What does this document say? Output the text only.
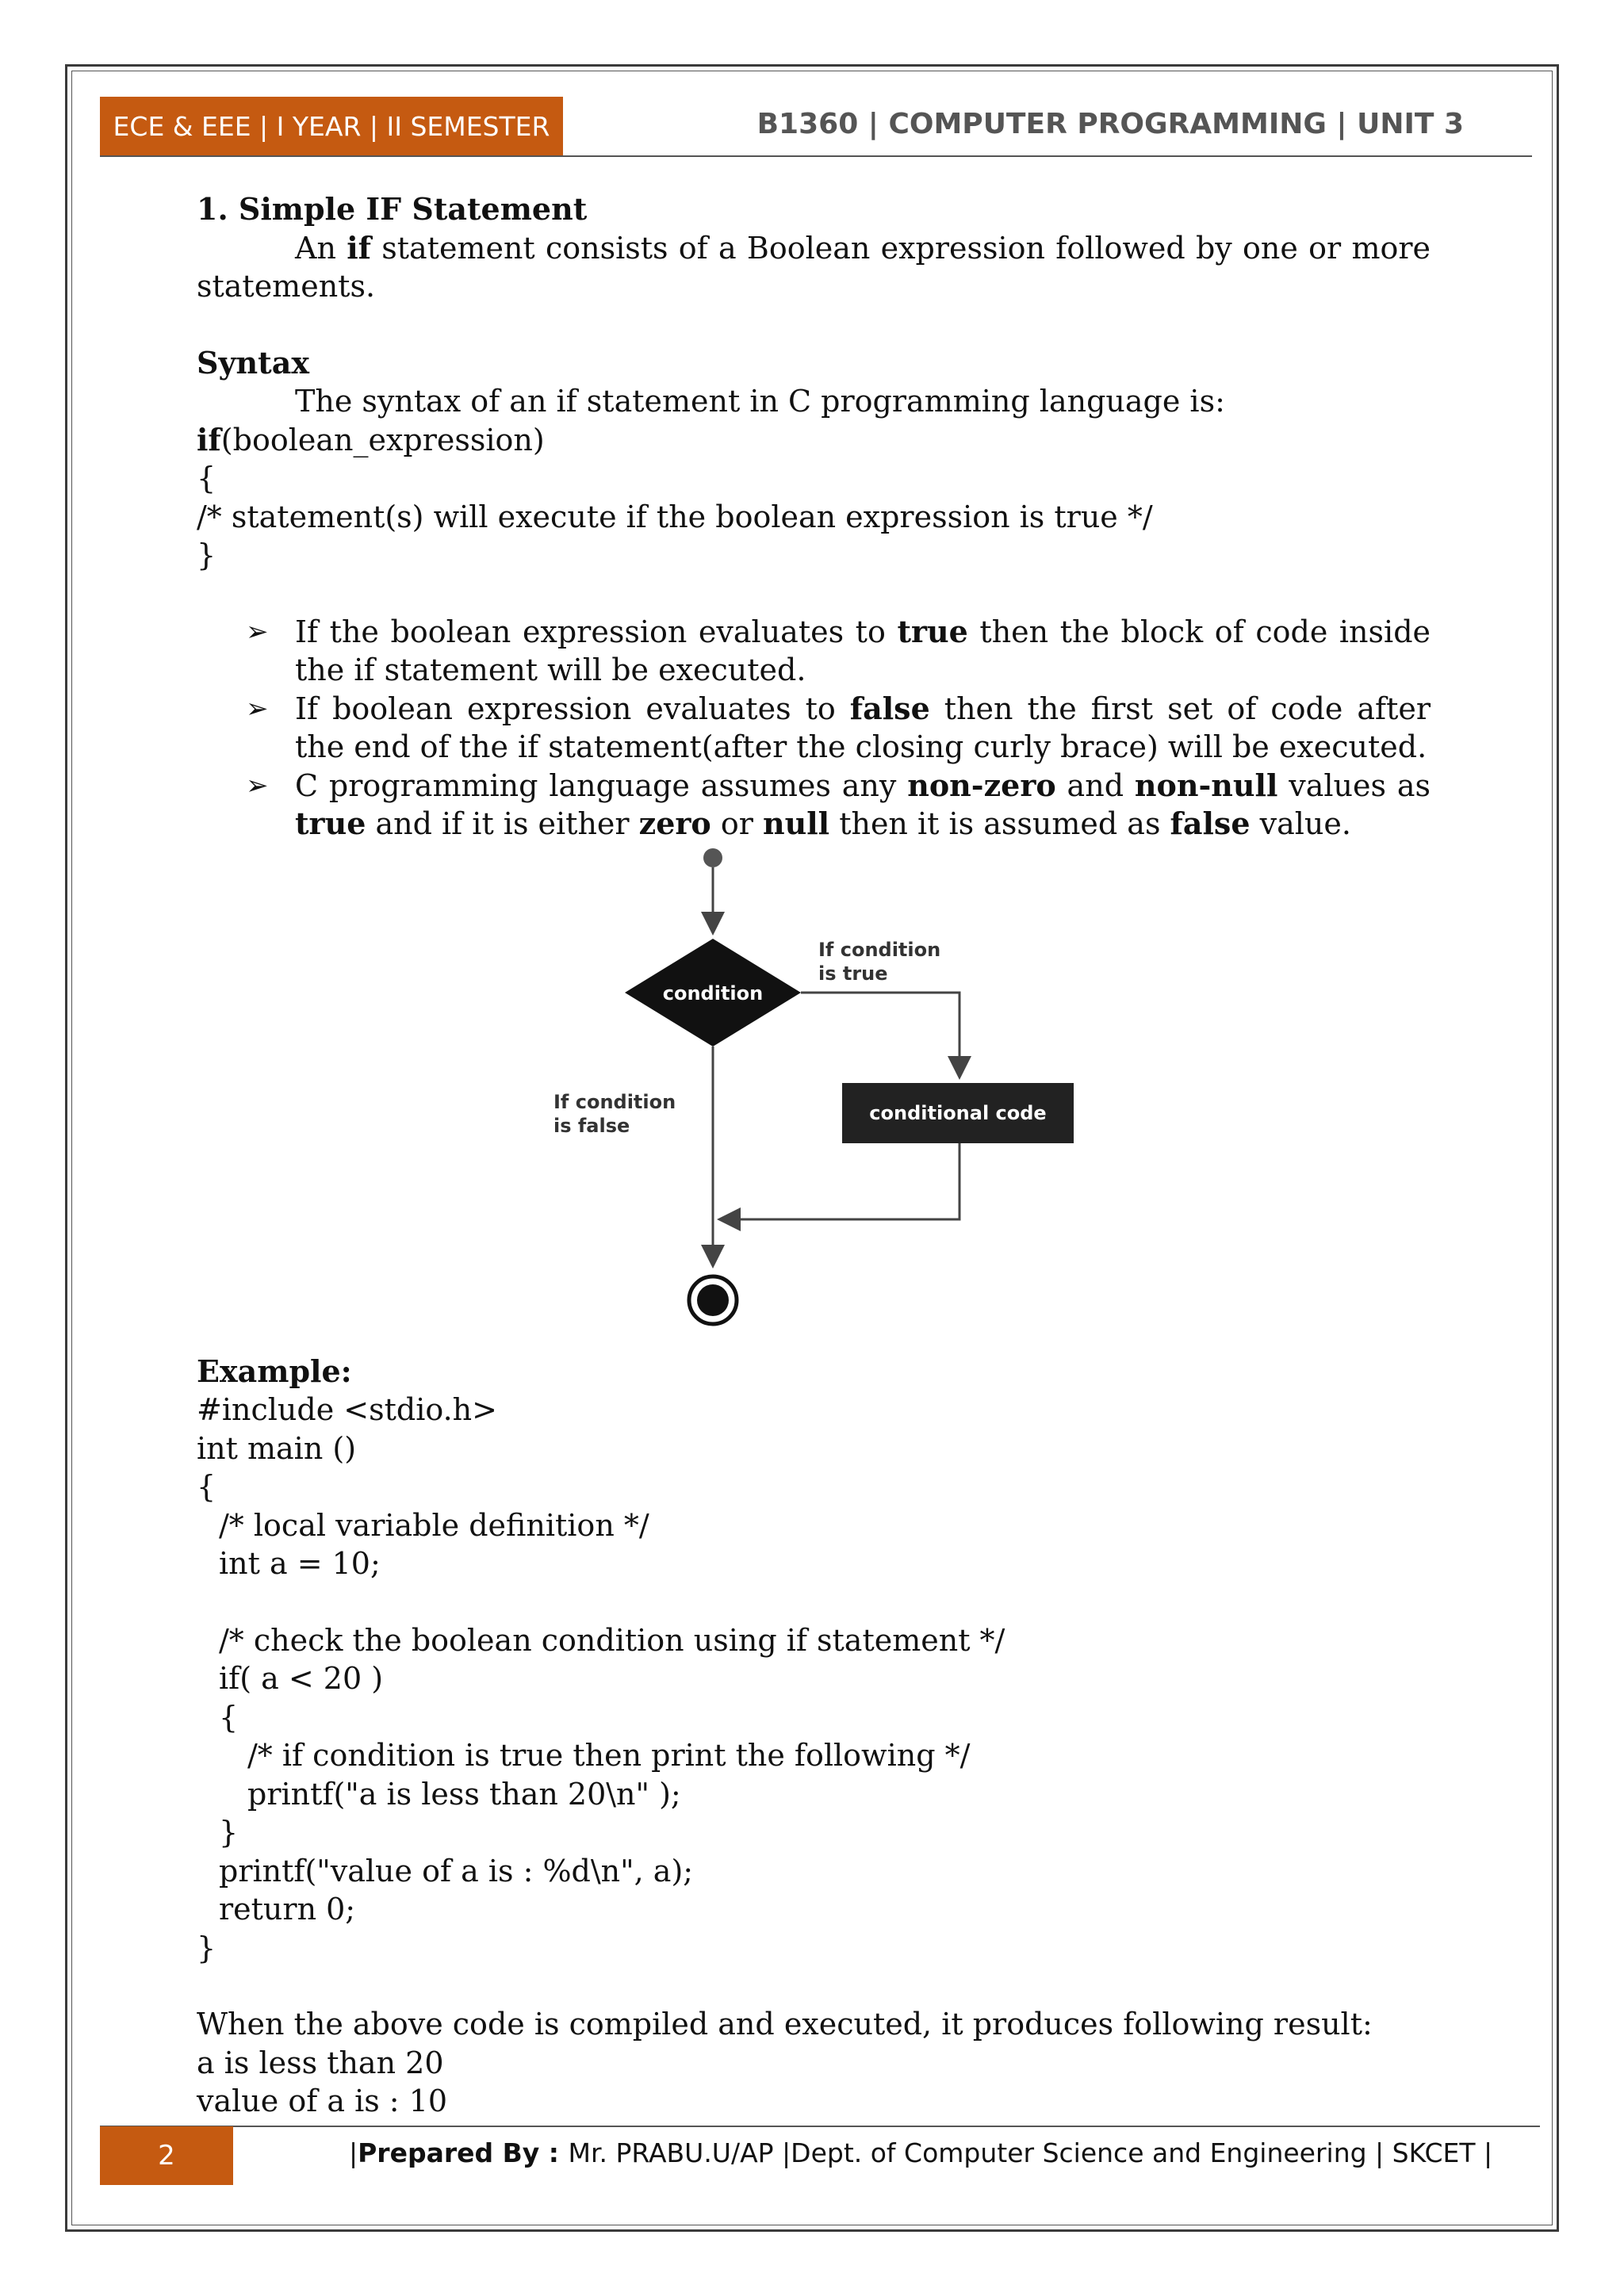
ECE & EEE | I YEAR | II SEMESTER	B1360 | COMPUTER PROGRAMMING | UNIT 3

1. Simple IF Statement

An if statement consists of a Boolean expression followed by one or more statements.

Syntax

The syntax of an if statement in C programming language is:

if(boolean_expression)

{

/* statement(s) will execute if the boolean expression is true */

}

➢ If the boolean expression evaluates to true then the block of code inside the if statement will be executed.
➢ If boolean expression evaluates to false then the first set of code after the end of the if statement(after the closing curly brace) will be executed.
➢ C programming language assumes any non-zero and non-null values as true and if it is either zero or null then it is assumed as false value.

Example:

#include <stdio.h>

int main ()

{

/* local variable definition */

int a = 10;

/* check the boolean condition using if statement */

if( a < 20 )

{

/* if condition is true then print the following */

printf("a is less than 20\n" );

}

printf("value of a is : %d\n", a);

return 0;

}

When the above code is compiled and executed, it produces following result:

a is less than 20

value of a is : 10

condition
If condition
is true
conditional code
If condition
is false
2	|Prepared By : Mr. PRABU.U/AP |Dept. of Computer Science and Engineering | SKCET |
